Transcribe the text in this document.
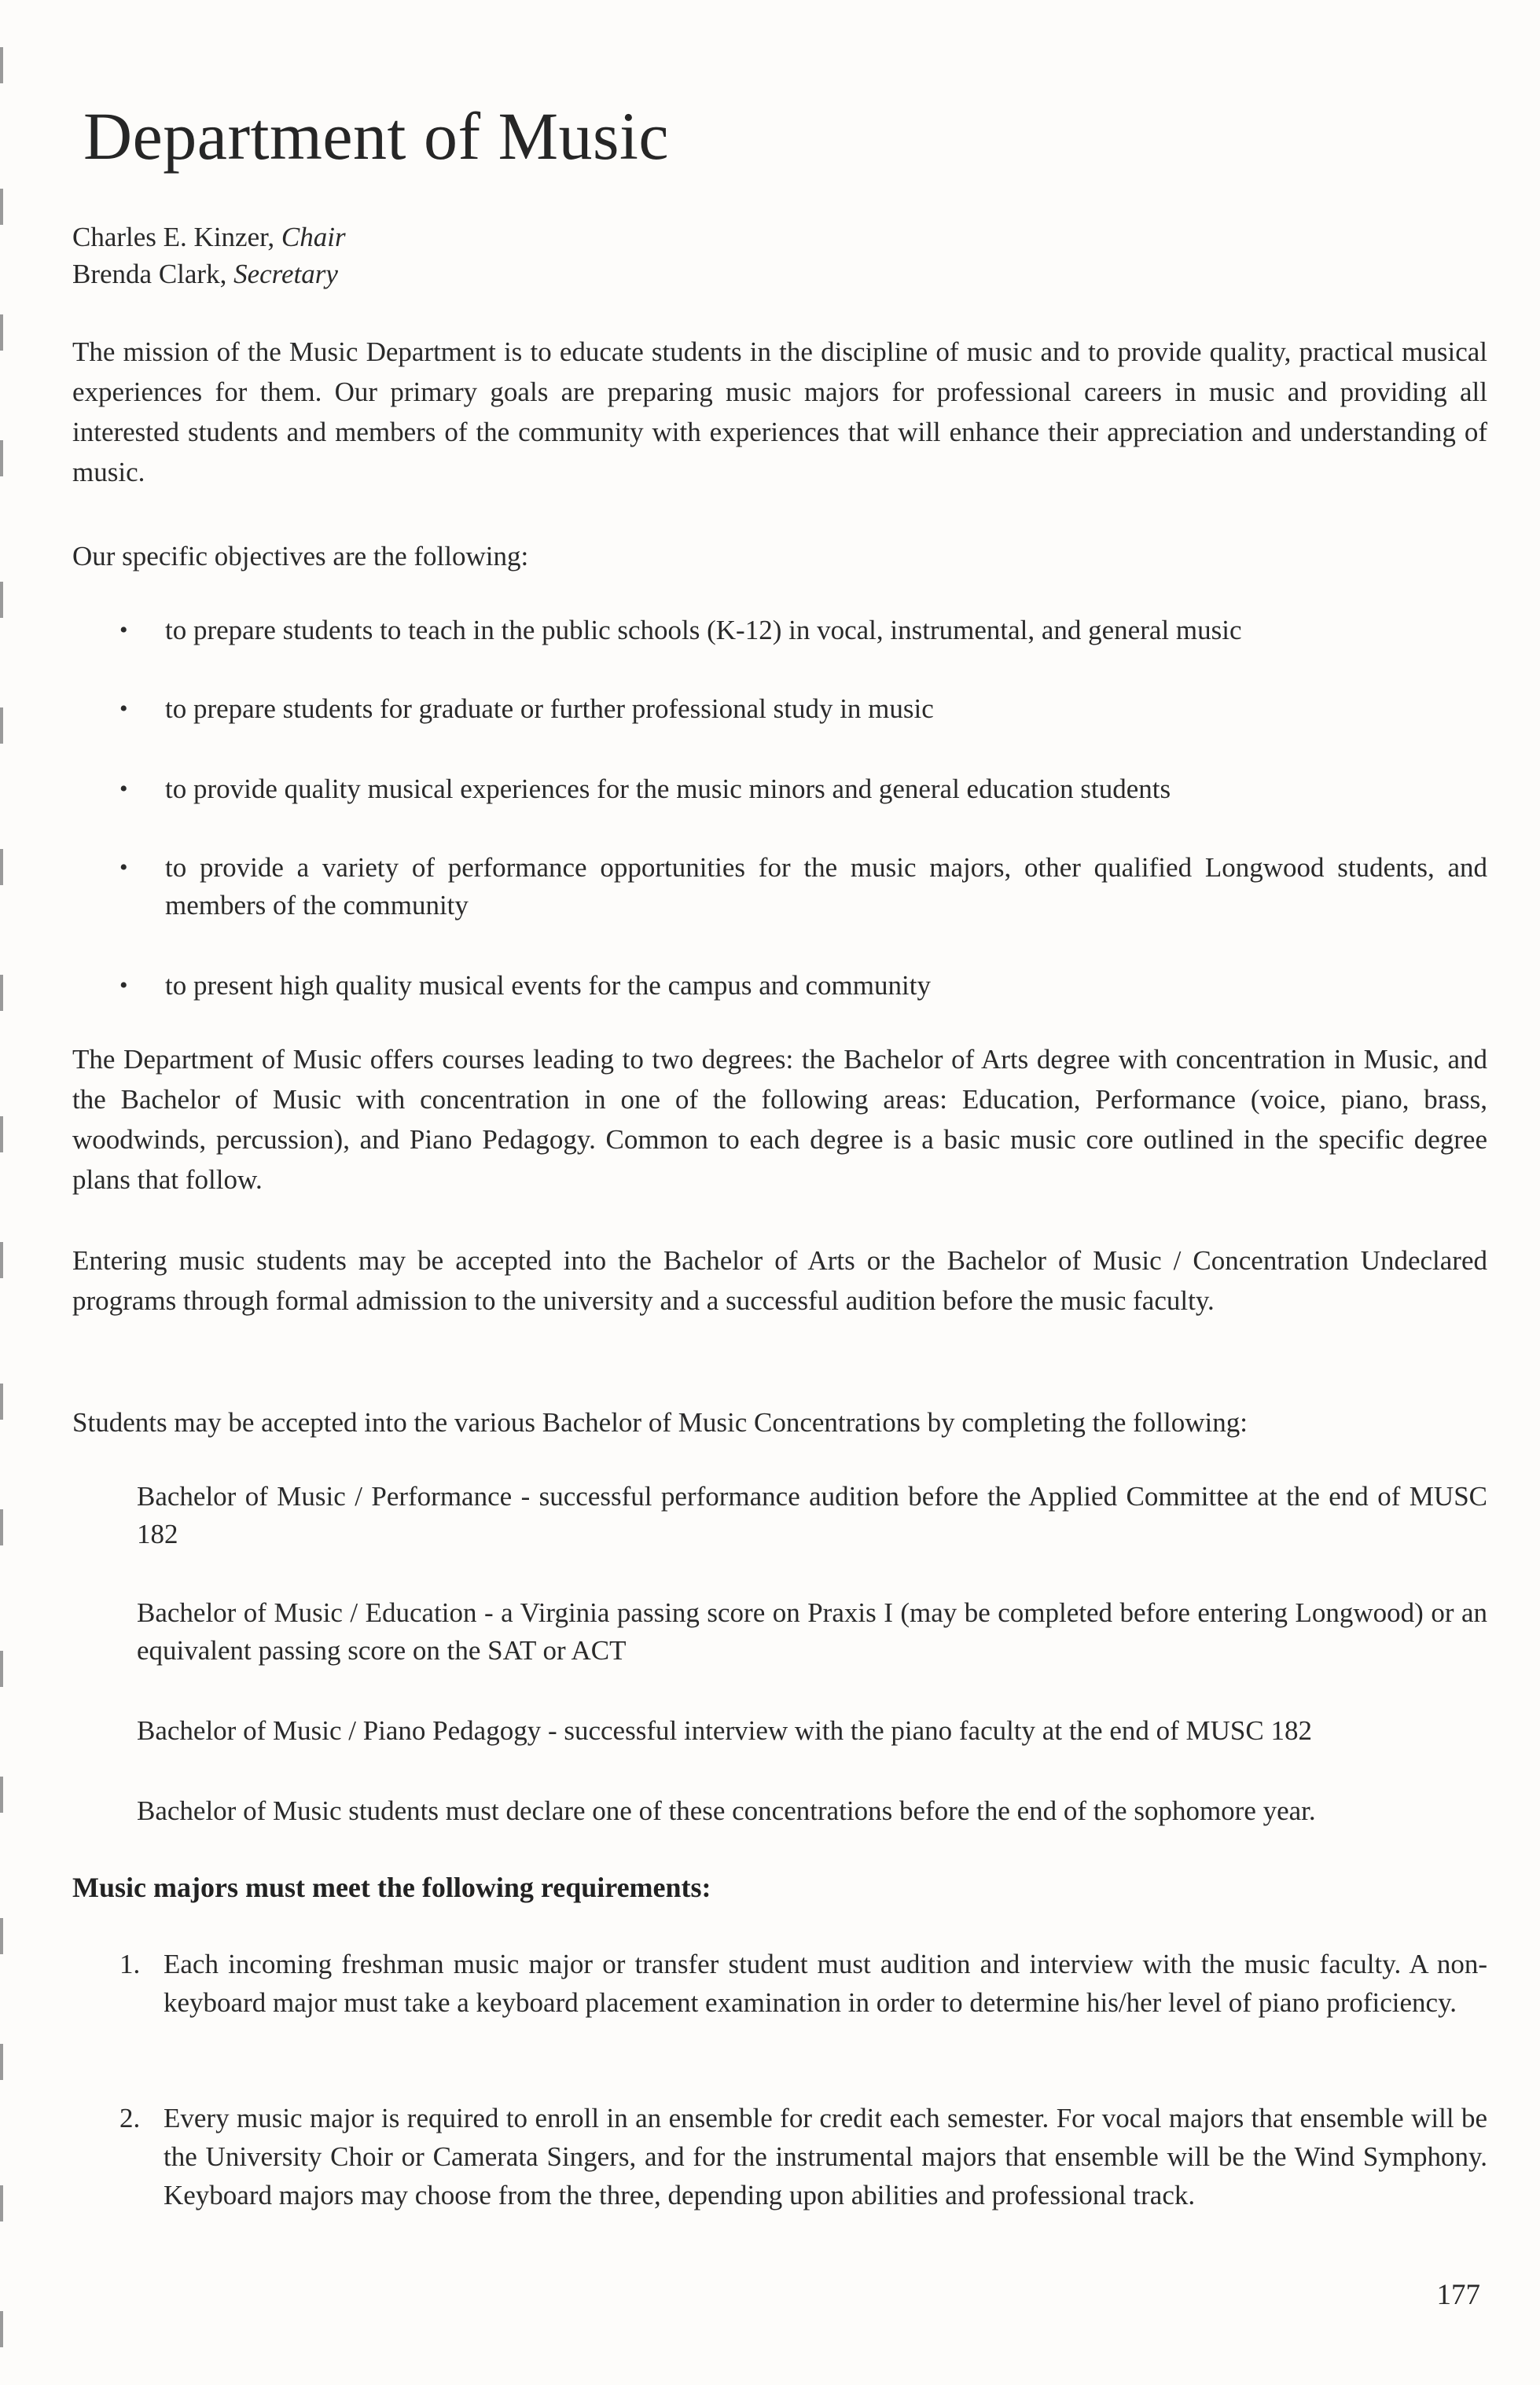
Department of Music
Charles E. Kinzer, Chair
Brenda Clark, Secretary

The mission of the Music Department is to educate students in the discipline of music and to provide quality, practical musical experiences for them. Our primary goals are preparing music majors for professional careers in music and providing all interested students and members of the community with experiences that will enhance their appreciation and understanding of music.

Our specific objectives are the following:

• to prepare students to teach in the public schools (K-12) in vocal, instrumental, and general music
• to prepare students for graduate or further professional study in music
• to provide quality musical experiences for the music minors and general education students
• to provide a variety of performance opportunities for the music majors, other qualified Longwood students, and members of the community
• to present high quality musical events for the campus and community

The Department of Music offers courses leading to two degrees: the Bachelor of Arts degree with concentration in Music, and the Bachelor of Music with concentration in one of the following areas: Education, Performance (voice, piano, brass, woodwinds, percussion), and Piano Pedagogy. Common to each degree is a basic music core outlined in the specific degree plans that follow.

Entering music students may be accepted into the Bachelor of Arts or the Bachelor of Music / Concentration Undeclared programs through formal admission to the university and a successful audition before the music faculty.

Students may be accepted into the various Bachelor of Music Concentrations by completing the following:

Bachelor of Music / Performance - successful performance audition before the Applied Committee at the end of MUSC 182

Bachelor of Music / Education - a Virginia passing score on Praxis I (may be completed before entering Longwood) or an equivalent passing score on the SAT or ACT

Bachelor of Music / Piano Pedagogy - successful interview with the piano faculty at the end of MUSC 182

Bachelor of Music students must declare one of these concentrations before the end of the sophomore year.

Music majors must meet the following requirements:
1. Each incoming freshman music major or transfer student must audition and interview with the music faculty. A non-keyboard major must take a keyboard placement examination in order to determine his/her level of piano proficiency.
2. Every music major is required to enroll in an ensemble for credit each semester. For vocal majors that ensemble will be the University Choir or Camerata Singers, and for the instrumental majors that ensemble will be the Wind Symphony. Keyboard majors may choose from the three, depending upon abilities and professional track.
177
